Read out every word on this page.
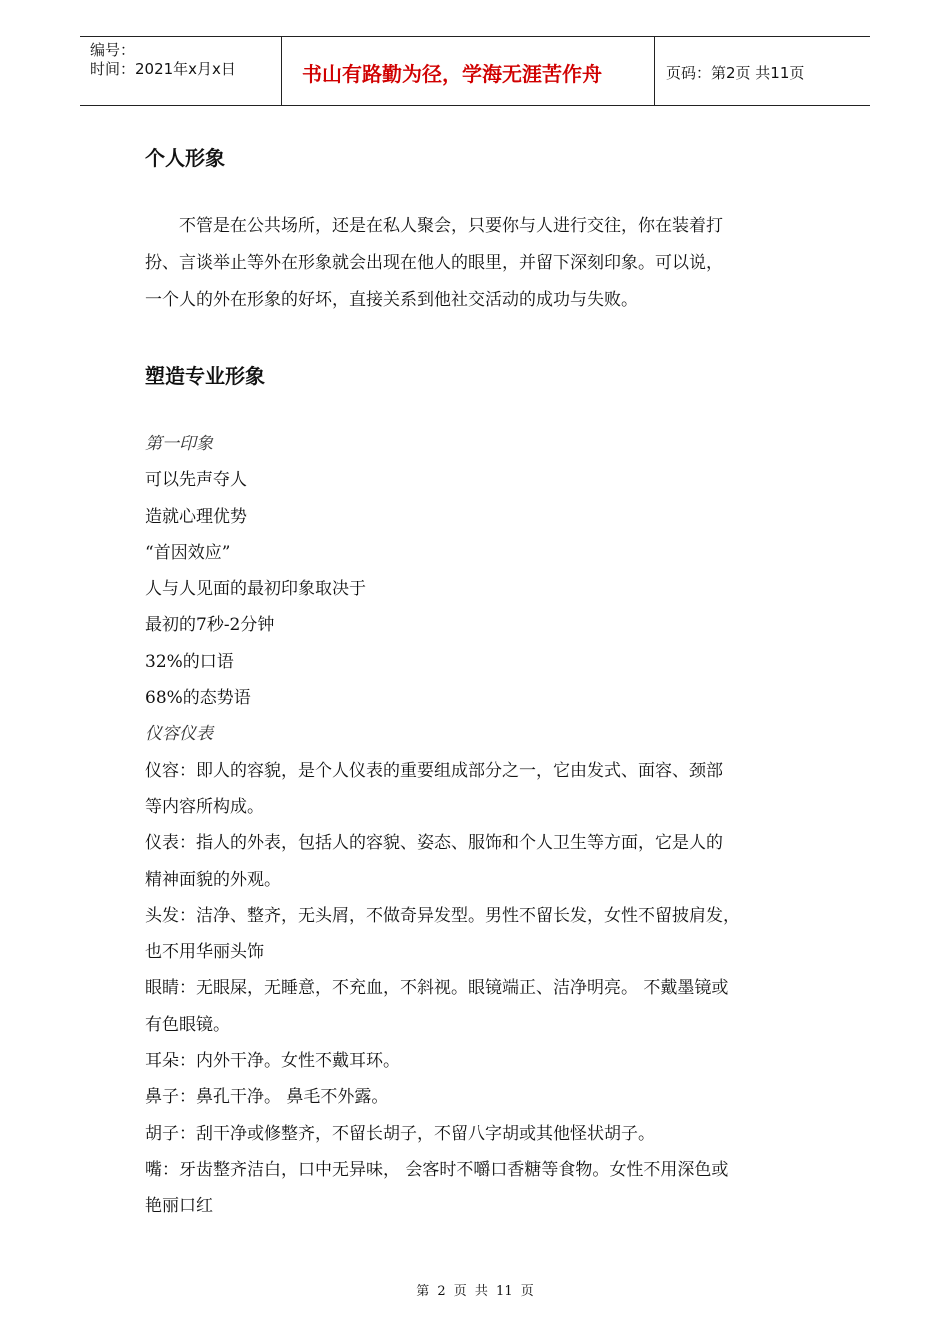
编号：
时间：2021年x月x日	书山有路勤为径，学海无涯苦作舟	页码：第2页 共11页
个人形象
　　不管是在公共场所，还是在私人聚会，只要你与人进行交往，你在装着打
扮、言谈举止等外在形象就会出现在他人的眼里，并留下深刻印象。可以说，
一个人的外在形象的好坏，直接关系到他社交活动的成功与失败。
塑造专业形象
第一印象
可以先声夺人
造就心理优势
“首因效应”
人与人见面的最初印象取决于
最初的7秒-2分钟
32%的口语
68%的态势语
仪容仪表
仪容：即人的容貌，是个人仪表的重要组成部分之一，它由发式、面容、颈部
等内容所构成。
仪表：指人的外表，包括人的容貌、姿态、服饰和个人卫生等方面，它是人的
精神面貌的外观。
头发：洁净、整齐，无头屑，不做奇异发型。男性不留长发，女性不留披肩发，
也不用华丽头饰
眼睛：无眼屎，无睡意，不充血，不斜视。眼镜端正、洁净明亮。 不戴墨镜或
有色眼镜。
耳朵：内外干净。女性不戴耳环。
鼻子：鼻孔干净。 鼻毛不外露。
胡子：刮干净或修整齐，不留长胡子，不留八字胡或其他怪状胡子。
嘴：牙齿整齐洁白，口中无异味， 会客时不嚼口香糖等食物。女性不用深色或
艳丽口红
第 2 页 共 11 页
